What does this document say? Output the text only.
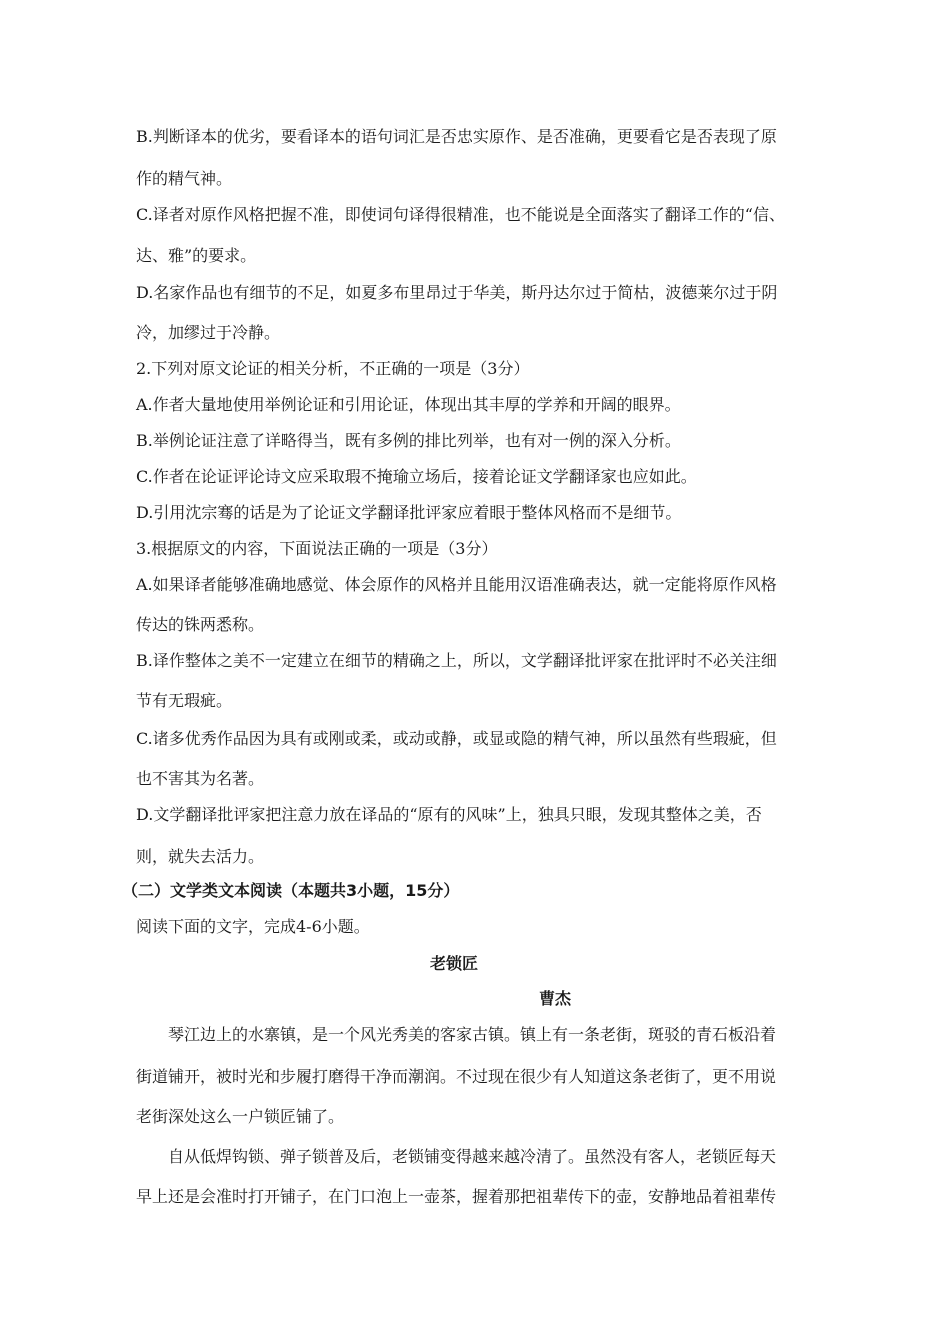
B.判断译本的优劣，要看译本的语句词汇是否忠实原作、是否准确，更要看它是否表现了原
作的精气神。
C.译者对原作风格把握不准，即使词句译得很精准，也不能说是全面落实了翻译工作的“信、
达、雅”的要求。
D.名家作品也有细节的不足，如夏多布里昂过于华美，斯丹达尔过于简枯，波德莱尔过于阴
冷，加缪过于冷静。
2.下列对原文论证的相关分析，不正确的一项是（3分）
A.作者大量地使用举例论证和引用论证，体现出其丰厚的学养和开阔的眼界。
B.举例论证注意了详略得当，既有多例的排比列举，也有对一例的深入分析。
C.作者在论证评论诗文应采取瑕不掩瑜立场后，接着论证文学翻译家也应如此。
D.引用沈宗骞的话是为了论证文学翻译批评家应着眼于整体风格而不是细节。
3.根据原文的内容，下面说法正确的一项是（3分）
A.如果译者能够准确地感觉、体会原作的风格并且能用汉语准确表达，就一定能将原作风格
传达的铢两悉称。
B.译作整体之美不一定建立在细节的精确之上，所以，文学翻译批评家在批评时不必关注细
节有无瑕疵。
C.诸多优秀作品因为具有或刚或柔，或动或静，或显或隐的精气神，所以虽然有些瑕疵，但
也不害其为名著。
D.文学翻译批评家把注意力放在译品的“原有的风味”上，独具只眼，发现其整体之美，否
则，就失去活力。
（二）文学类文本阅读（本题共3小题，15分）
阅读下面的文字，完成4-6小题。
老锁匠
曹杰
琴江边上的水寨镇，是一个风光秀美的客家古镇。镇上有一条老街，斑驳的青石板沿着
街道铺开，被时光和步履打磨得干净而潮润。不过现在很少有人知道这条老街了，更不用说
老街深处这么一户锁匠铺了。
自从低焊钩锁、弹子锁普及后，老锁铺变得越来越冷清了。虽然没有客人，老锁匠每天
早上还是会准时打开铺子，在门口泡上一壶茶，握着那把祖辈传下的壶，安静地品着祖辈传
